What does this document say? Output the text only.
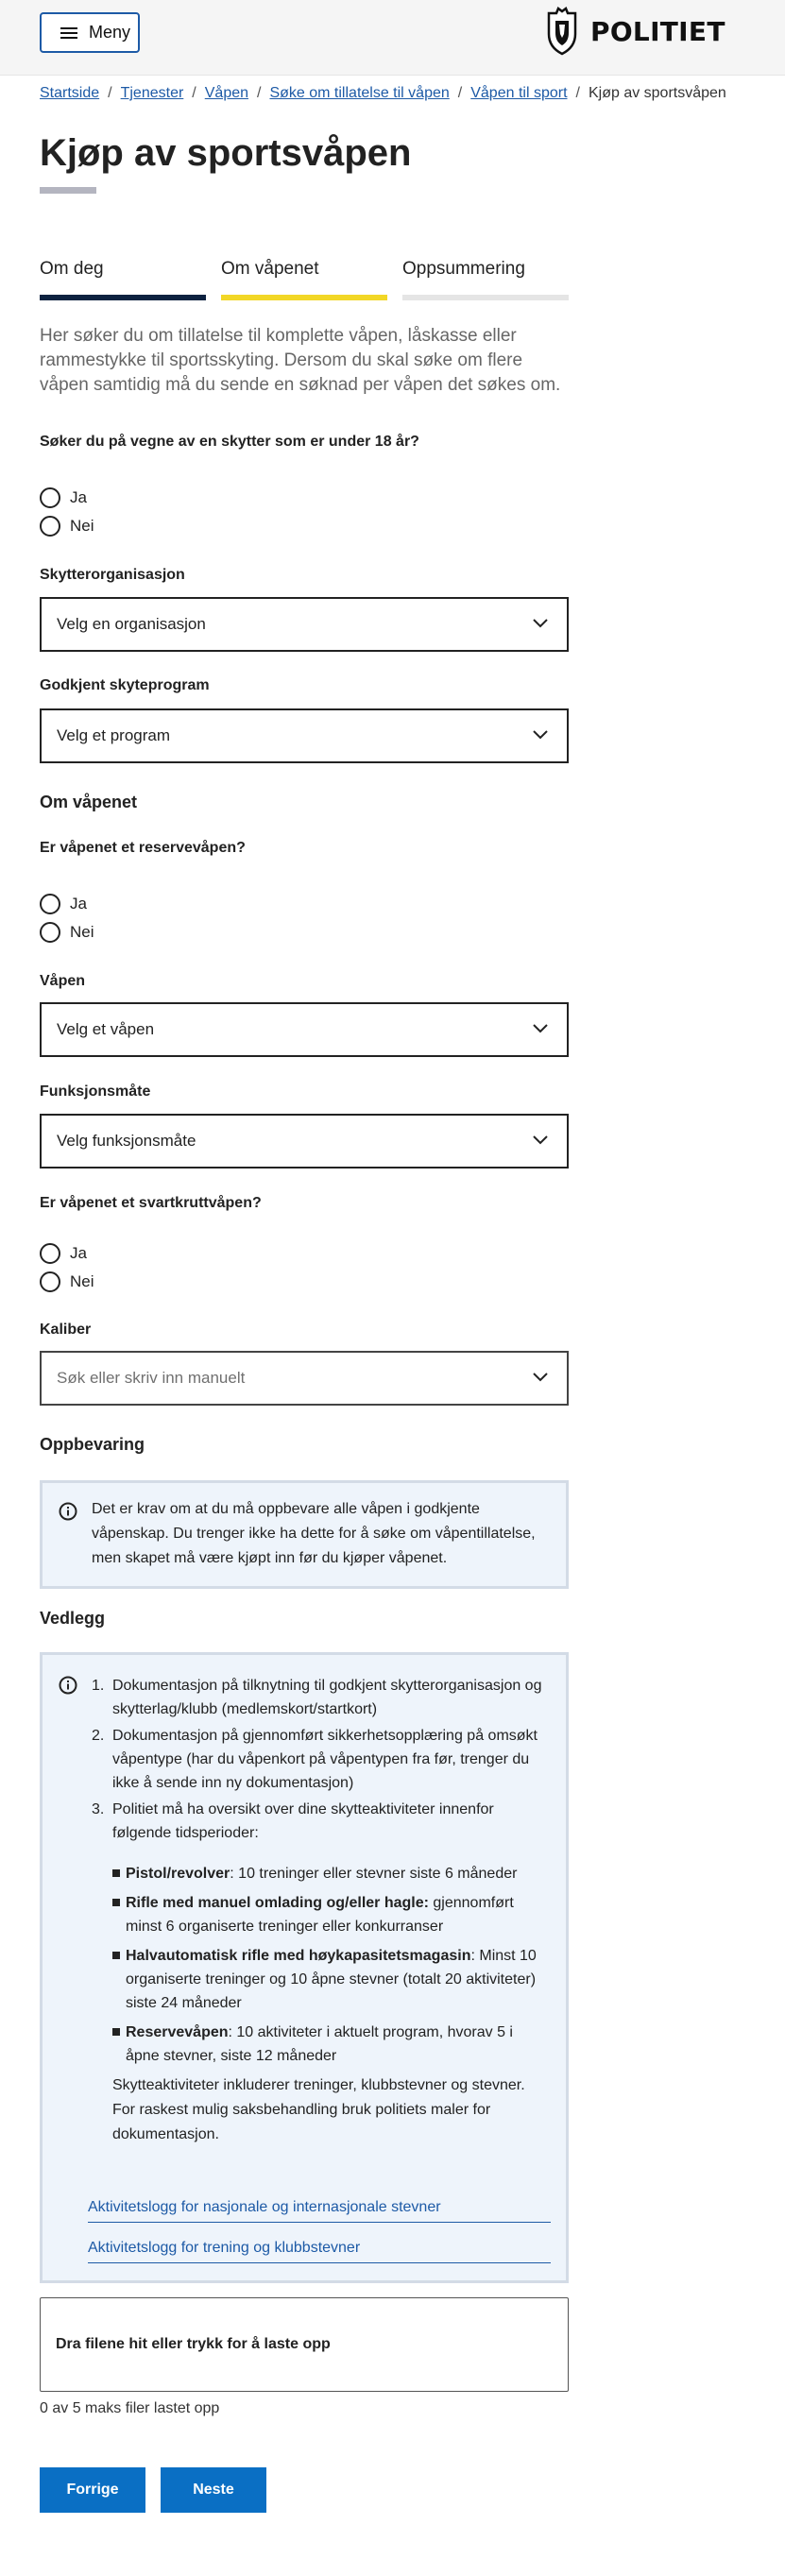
Meny	POLITIET
Startside / Tjenester / Våpen / Søke om tillatelse til våpen / Våpen til sport / Kjøp av sportsvåpen
Kjøp av sportsvåpen
Om deg	Om våpenet	Oppsummering

Her søker du om tillatelse til komplette våpen, låskasse eller rammestykke til sportsskyting. Dersom du skal søke om flere våpen samtidig må du sende en søknad per våpen det søkes om.

Søker du på vegne av en skytter som er under 18 år?
Ja
Nei
Skytterorganisasjon
Velg en organisasjon
Godkjent skyteprogram
Velg et program
Om våpenet
Er våpenet et reservevåpen?
Ja
Nei
Våpen
Velg et våpen
Funksjonsmåte
Velg funksjonsmåte
Er våpenet et svartkruttvåpen?
Ja
Nei
Kaliber
Søk eller skriv inn manuelt
Oppbevaring

Det er krav om at du må oppbevare alle våpen i godkjente våpenskap. Du trenger ikke ha dette for å søke om våpentillatelse, men skapet må være kjøpt inn før du kjøper våpenet.

Vedlegg
1. Dokumentasjon på tilknytning til godkjent skytterorganisasjon og skytterlag/klubb (medlemskort/startkort)
2. Dokumentasjon på gjennomført sikkerhetsopplæring på omsøkt våpentype (har du våpenkort på våpentypen fra før, trenger du ikke å sende inn ny dokumentasjon)
3. Politiet må ha oversikt over dine skytteaktiviteter innenfor følgende tidsperioder:
Pistol/revolver: 10 treninger eller stevner siste 6 måneder
Rifle med manuel omlading og/eller hagle: gjennomført minst 6 organiserte treninger eller konkurranser
Halvautomatisk rifle med høykapasitetsmagasin: Minst 10 organiserte treninger og 10 åpne stevner (totalt 20 aktiviteter) siste 24 måneder
Reservevåpen: 10 aktiviteter i aktuelt program, hvorav 5 i åpne stevner, siste 12 måneder

Skytteaktiviteter inkluderer treninger, klubbstevner og stevner. For raskest mulig saksbehandling bruk politiets maler for dokumentasjon.

Aktivitetslogg for nasjonale og internasjonale stevner
Aktivitetslogg for trening og klubbstevner
Dra filene hit eller trykk for å laste opp
0 av 5 maks filer lastet opp
Forrige	Neste
